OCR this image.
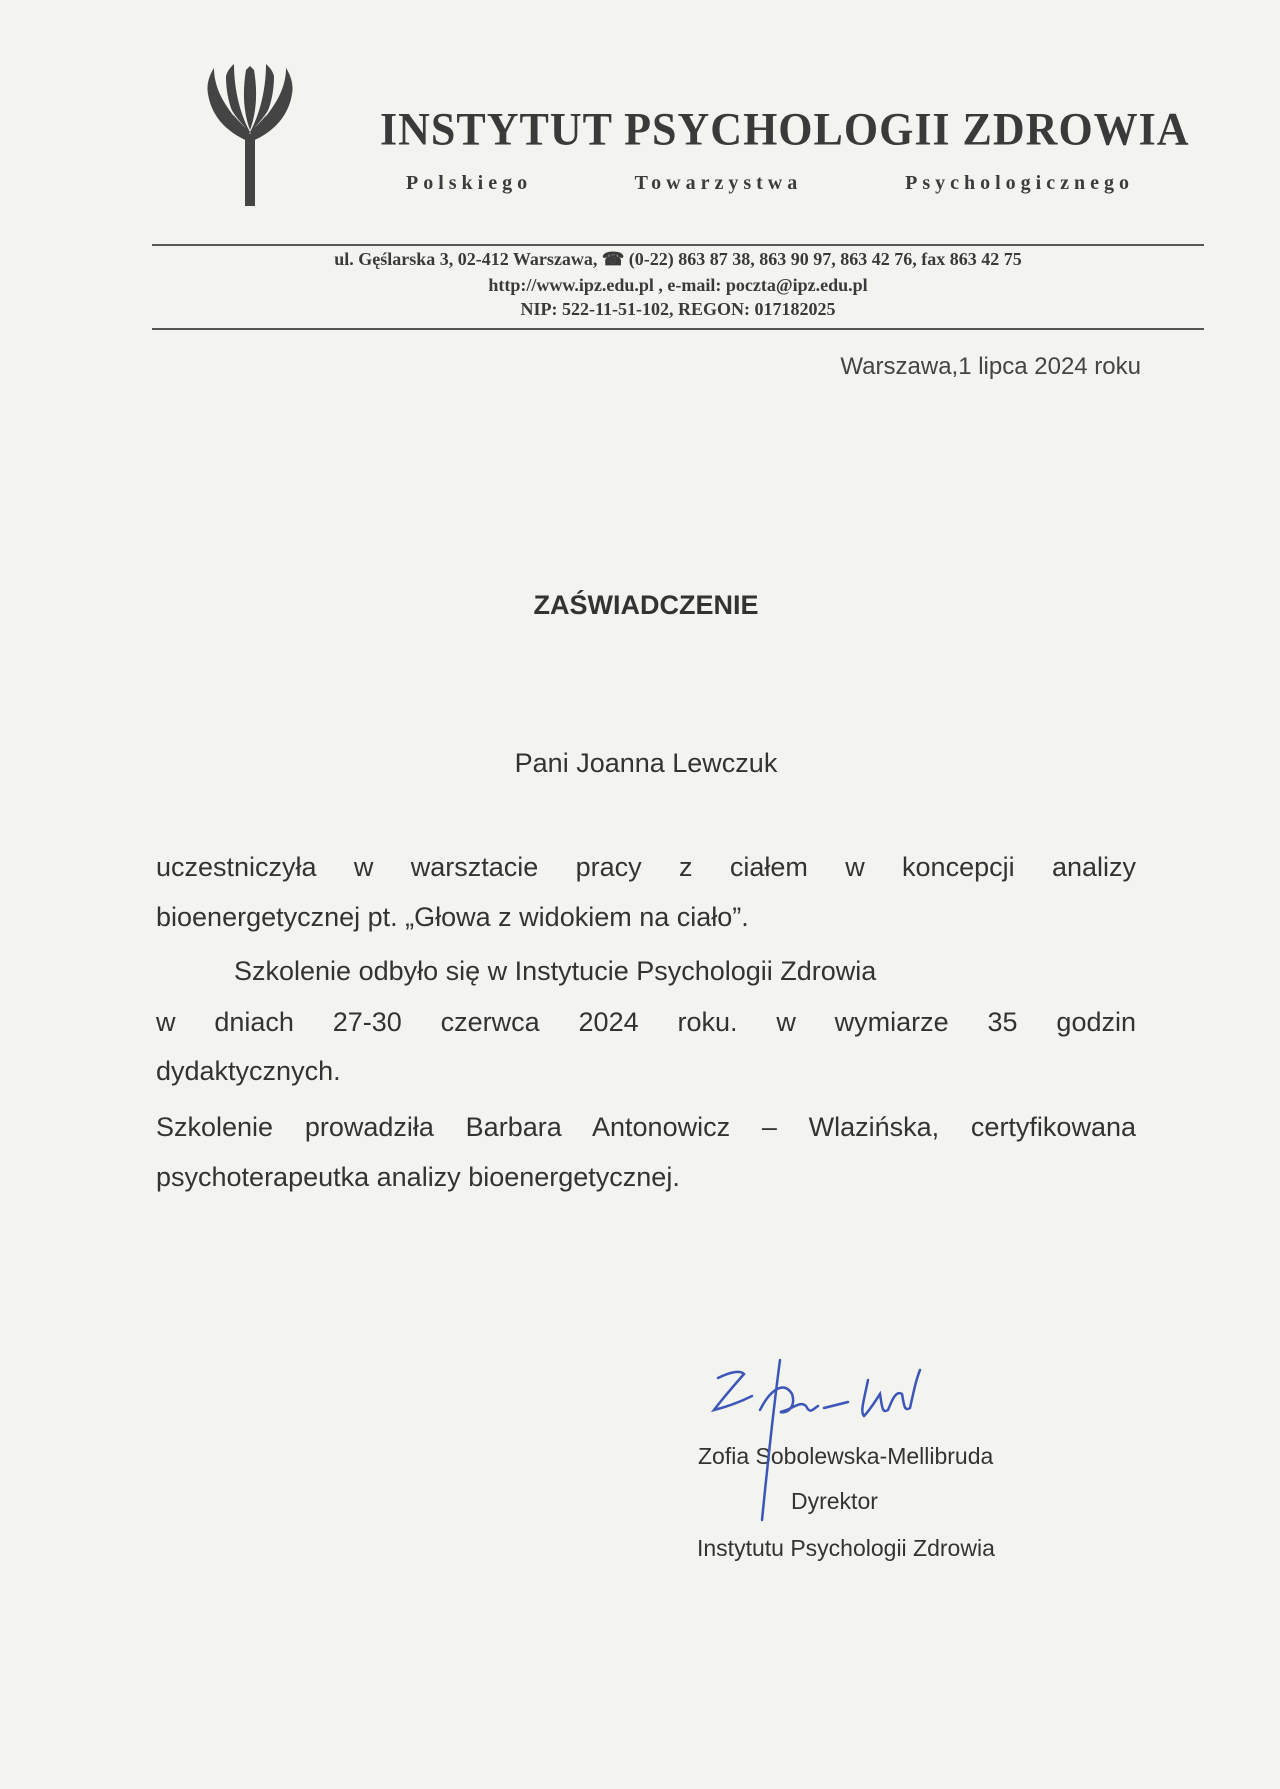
INSTYTUT PSYCHOLOGII ZDROWIA
Polskiego Towarzystwa Psychologicznego
ul. Gęślarska 3, 02-412 Warszawa, ☎ (0-22) 863 87 38, 863 90 97, 863 42 76, fax 863 42 75
http://www.ipz.edu.pl , e-mail: poczta@ipz.edu.pl
NIP: 522-11-51-102, REGON: 017182025
Warszawa,1 lipca 2024 roku
ZAŚWIADCZENIE
Pani Joanna Lewczuk
uczestniczyła w warsztacie pracy z ciałem w koncepcji analizy
bioenergetycznej pt. „Głowa z widokiem na ciało”.
Szkolenie odbyło się w Instytucie Psychologii Zdrowia
w dniach 27-30 czerwca 2024 roku. w wymiarze 35 godzin
dydaktycznych.
Szkolenie prowadziła Barbara Antonowicz – Wlazińska, certyfikowana
psychoterapeutka analizy bioenergetycznej.
Zofia Sobolewska-Mellibruda
Dyrektor
Instytutu Psychologii Zdrowia
